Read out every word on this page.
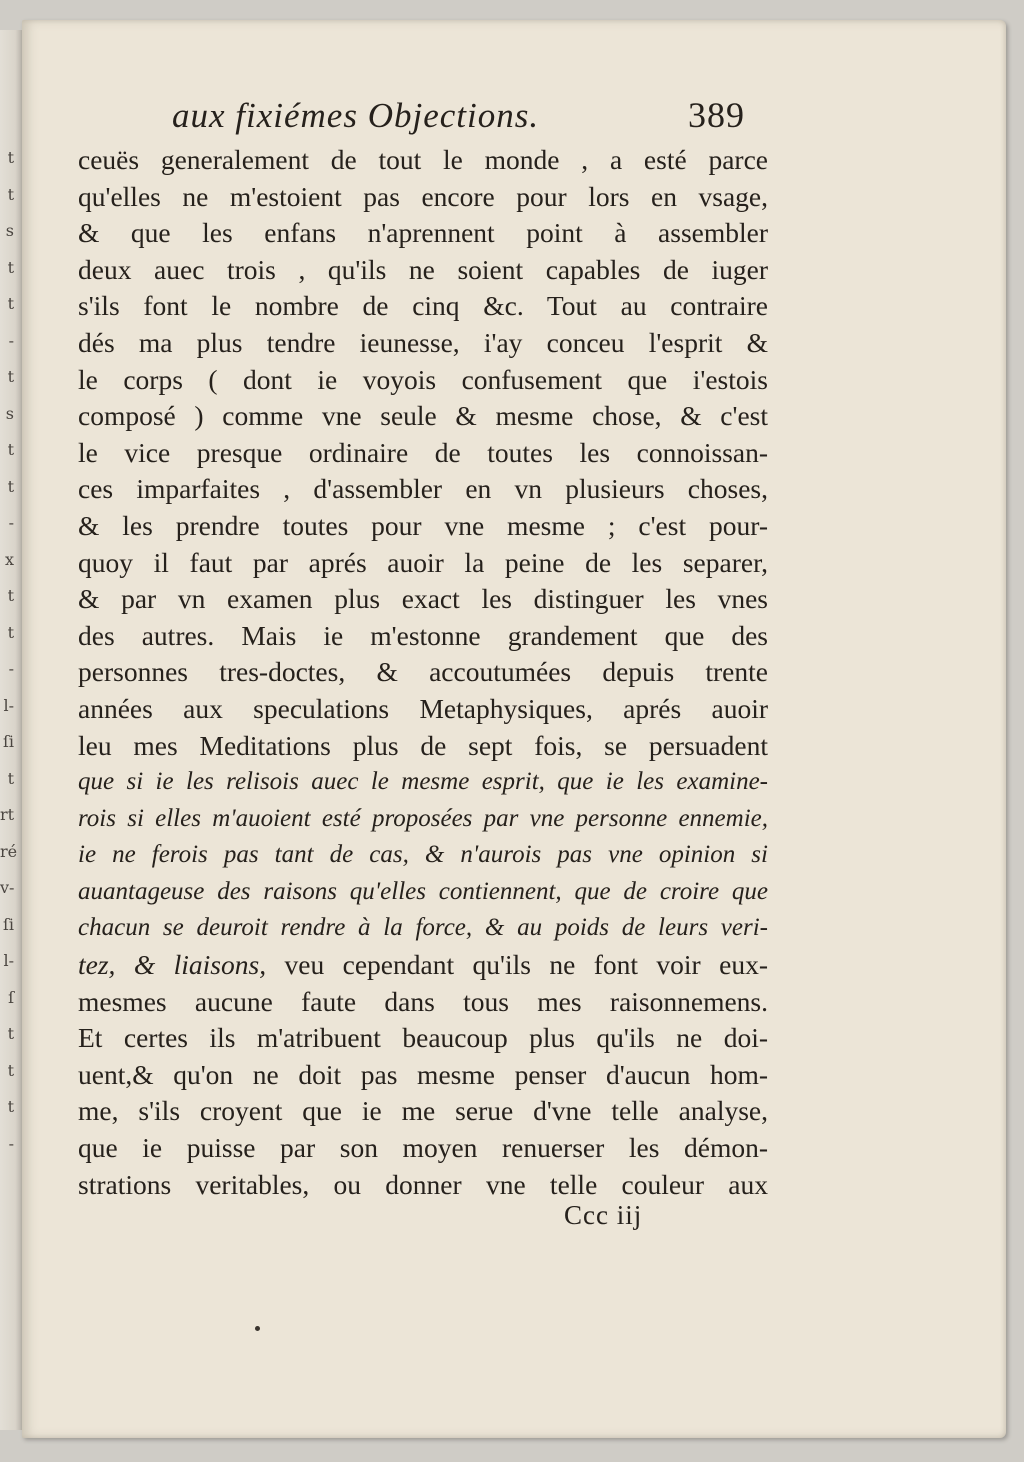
t
t
s
t
t
-
t
s
t
t
-
x
t
t
-
l-
ſi
t
rt
ré
v-
ſi
l-
ſ
t
t
t
-
aux fixiémes Objections.	389
ceuës generalement de tout le monde , a esté parce
qu'elles ne m'estoient pas encore pour lors en vsage,
& que les enfans n'aprennent point à assembler
deux auec trois , qu'ils ne soient capables de iuger
s'ils font le nombre de cinq &c. Tout au contraire
dés ma plus tendre ieunesse, i'ay conceu l'esprit &
le corps ( dont ie voyois confusement que i'estois
composé ) comme vne seule & mesme chose, & c'est
le vice presque ordinaire de toutes les connoissan-
ces imparfaites , d'assembler en vn plusieurs choses,
& les prendre toutes pour vne mesme ; c'est pour-
quoy il faut par aprés auoir la peine de les separer,
& par vn examen plus exact les distinguer les vnes
des autres. Mais ie m'estonne grandement que des
personnes tres-doctes, & accoutumées depuis trente
années aux speculations Metaphysiques, aprés auoir
leu mes Meditations plus de sept fois, se persuadent
que si ie les relisois auec le mesme esprit, que ie les examine-
rois si elles m'auoient esté proposées par vne personne ennemie,
ie ne ferois pas tant de cas, & n'aurois pas vne opinion si
auantageuse des raisons qu'elles contiennent, que de croire que
chacun se deuroit rendre à la force, & au poids de leurs veri-
tez, & liaisons, veu cependant qu'ils ne font voir eux-
mesmes aucune faute dans tous mes raisonnemens.
Et certes ils m'atribuent beaucoup plus qu'ils ne doi-
uent,& qu'on ne doit pas mesme penser d'aucun hom-
me, s'ils croyent que ie me serue d'vne telle analyse,
que ie puisse par son moyen renuerser les démon-
strations veritables, ou donner vne telle couleur aux
Ccc iij
